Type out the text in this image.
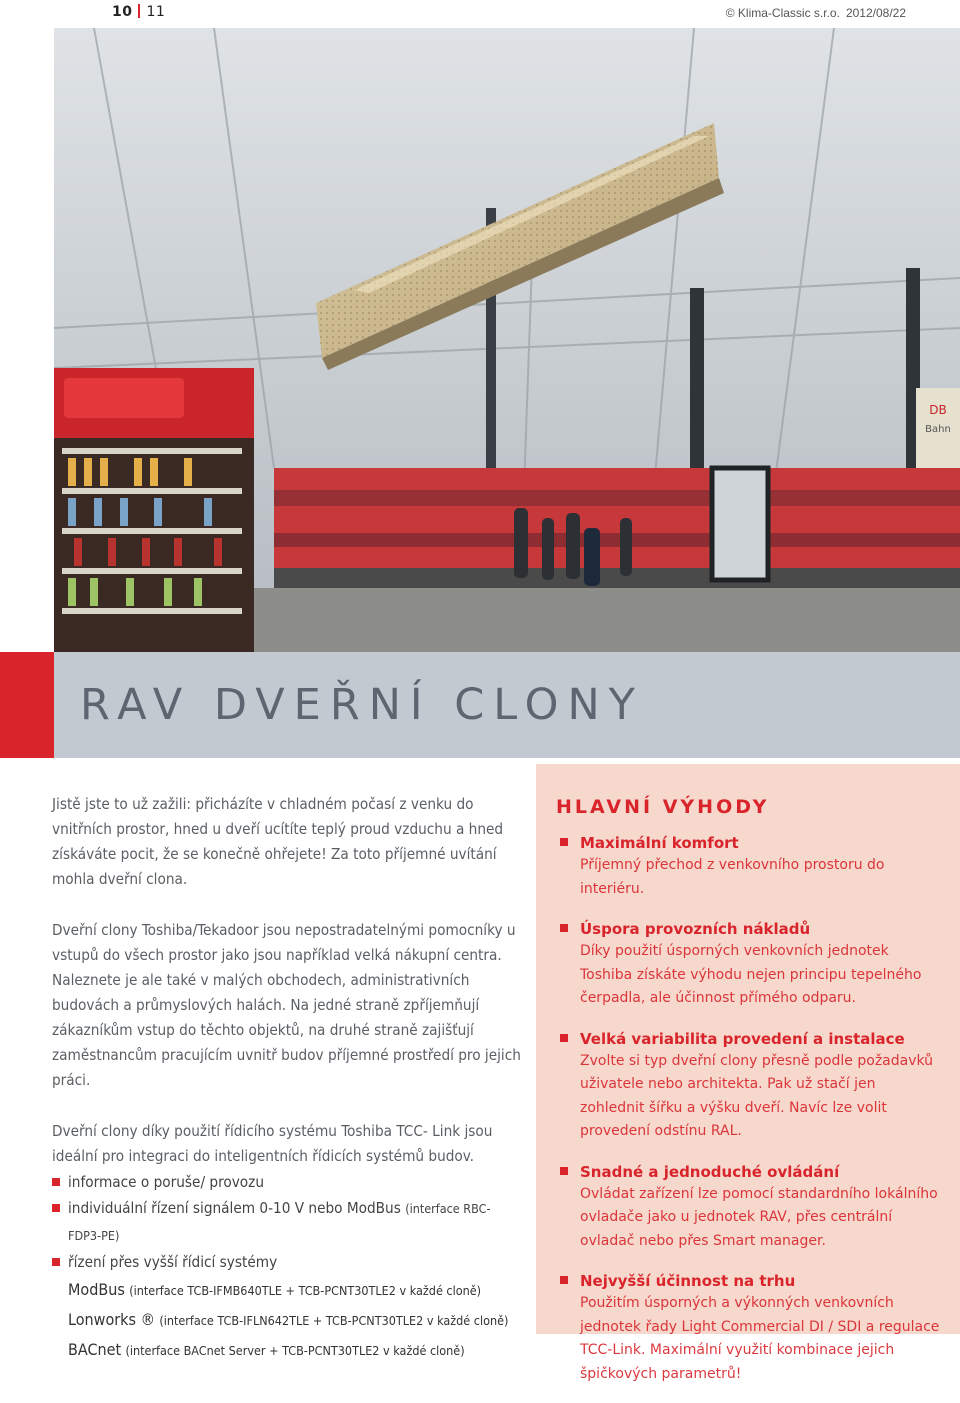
10 11	© Klima-Classic s.r.o. 2012/08/22
DB
Bahn
RAV DVEŘNÍ CLONY

Jistě jste to už zažili: přicházíte v chladném počasí z venku do vnitřních prostor, hned u dveří ucítíte teplý proud vzduchu a hned získáváte pocit, že se konečně ohřejete! Za toto příjemné uvítání mohla dveřní clona.

Dveřní clony Toshiba/Tekadoor jsou nepostradatelnými pomocníky u vstupů do všech prostor jako jsou například velká nákupní centra. Naleznete je ale také v malých obchodech, administrativních budovách a průmyslových halách. Na jedné straně zpříjemňují zákazníkům vstup do těchto objektů, na druhé straně zajišťují zaměstnancům pracujícím uvnitř budov příjemné prostředí pro jejich práci.

Dveřní clony díky použití řídicího systému Toshiba TCC- Link jsou ideální pro integraci do inteligentních řídicích systémů budov.

informace o poruše/ provozu
individuální řízení signálem 0-10 V nebo ModBus (interface RBC- FDP3-PE)
řízení přes vyšší řídicí systémy
ModBus (interface TCB-IFMB640TLE + TCB-PCNT30TLE2 v každé cloně)
Lonworks ® (interface TCB-IFLN642TLE + TCB-PCNT30TLE2 v každé cloně)
BACnet (interface BACnet Server + TCB-PCNT30TLE2 v každé cloně)
HLAVNÍ VÝHODY
Maximální komfort
Příjemný přechod z venkovního prostoru do interiéru.
Úspora provozních nákladů
Díky použití úsporných venkovních jednotek Toshiba získáte výhodu nejen principu tepelného čerpadla, ale účinnost přímého odparu.
Velká variabilita provedení a instalace
Zvolte si typ dveřní clony přesně podle požadavků uživatele nebo architekta. Pak už stačí jen zohlednit šířku a výšku dveří. Navíc lze volit provedení odstínu RAL.
Snadné a jednoduché ovládání
Ovládat zařízení lze pomocí standardního lokálního ovladače jako u jednotek RAV, přes centrální ovladač nebo přes Smart manager.
Nejvyšší účinnost na trhu
Použitím úsporných a výkonných venkovních jednotek řady Light Commercial DI / SDI a regulace TCC-Link. Maximální využití kombinace jejich špičkových parametrů!
